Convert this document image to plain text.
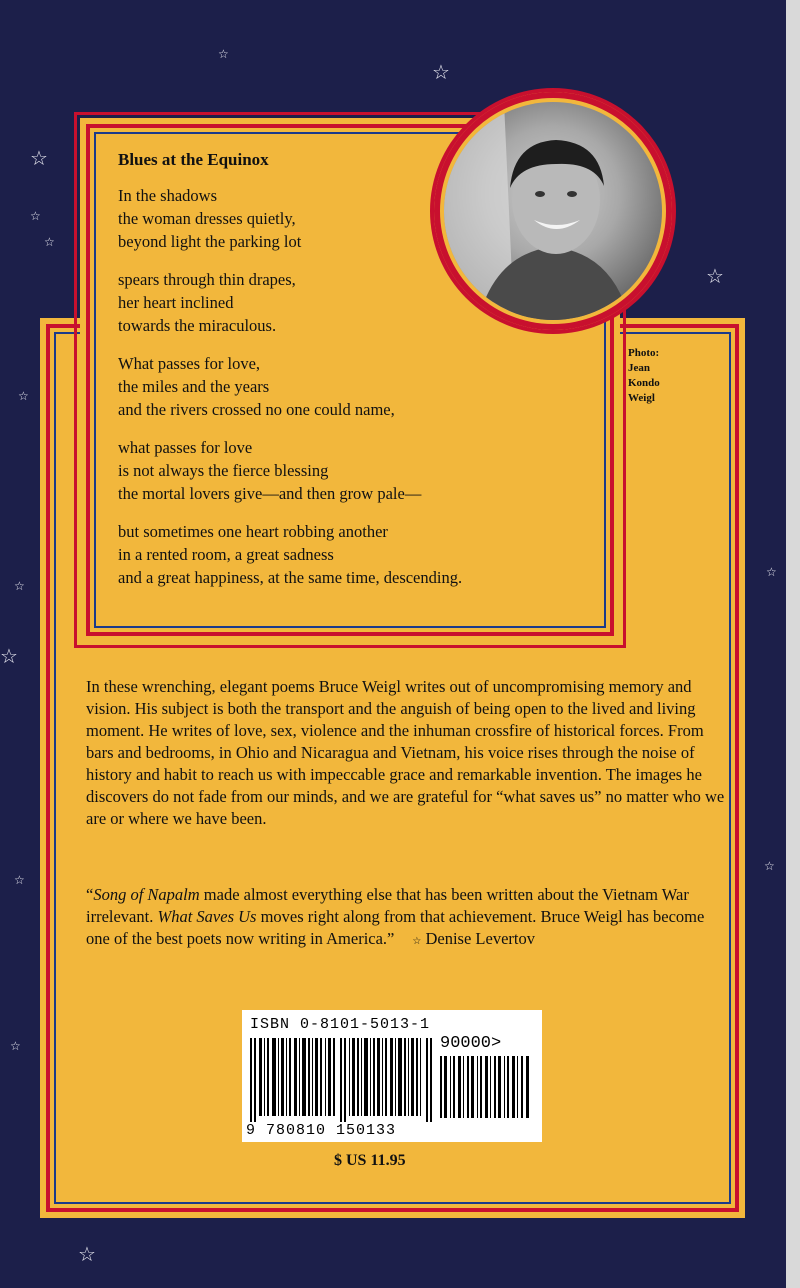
☆
☆
☆
☆
☆
☆
☆
☆
☆
☆
☆
☆
☆
☆
Blues at the Equinox
In the shadows
the woman dresses quietly,
beyond light the parking lot
spears through thin drapes,
her heart inclined
towards the miraculous.
What passes for love,
the miles and the years
and the rivers crossed no one could name,
what passes for love
is not always the fierce blessing
the mortal lovers give—and then grow pale—
but sometimes one heart robbing another
in a rented room, a great sadness
and a great happiness, at the same time, descending.
Photo:
Jean
Kondo
Weigl

In these wrenching, elegant poems Bruce Weigl writes out of uncompromising memory and vision. His subject is both the transport and the anguish of being open to the lived and living moment. He writes of love, sex, violence and the inhuman crossfire of historical forces. From bars and bedrooms, in Ohio and Nicaragua and Vietnam, his voice rises through the noise of history and habit to reach us with impeccable grace and remarkable invention. The images he discovers do not fade from our minds, and we are grateful for “what saves us” no matter who we are or where we have been.

“Song of Napalm made almost everything else that has been written about the Vietnam War irrelevant. What Saves Us moves right along from that achievement. Bruce Weigl has become one of the best poets now writing in America.” ☆ Denise Levertov
ISBN 0-8101-5013-1
90000>
9 780810 150133
$ US 11.95
